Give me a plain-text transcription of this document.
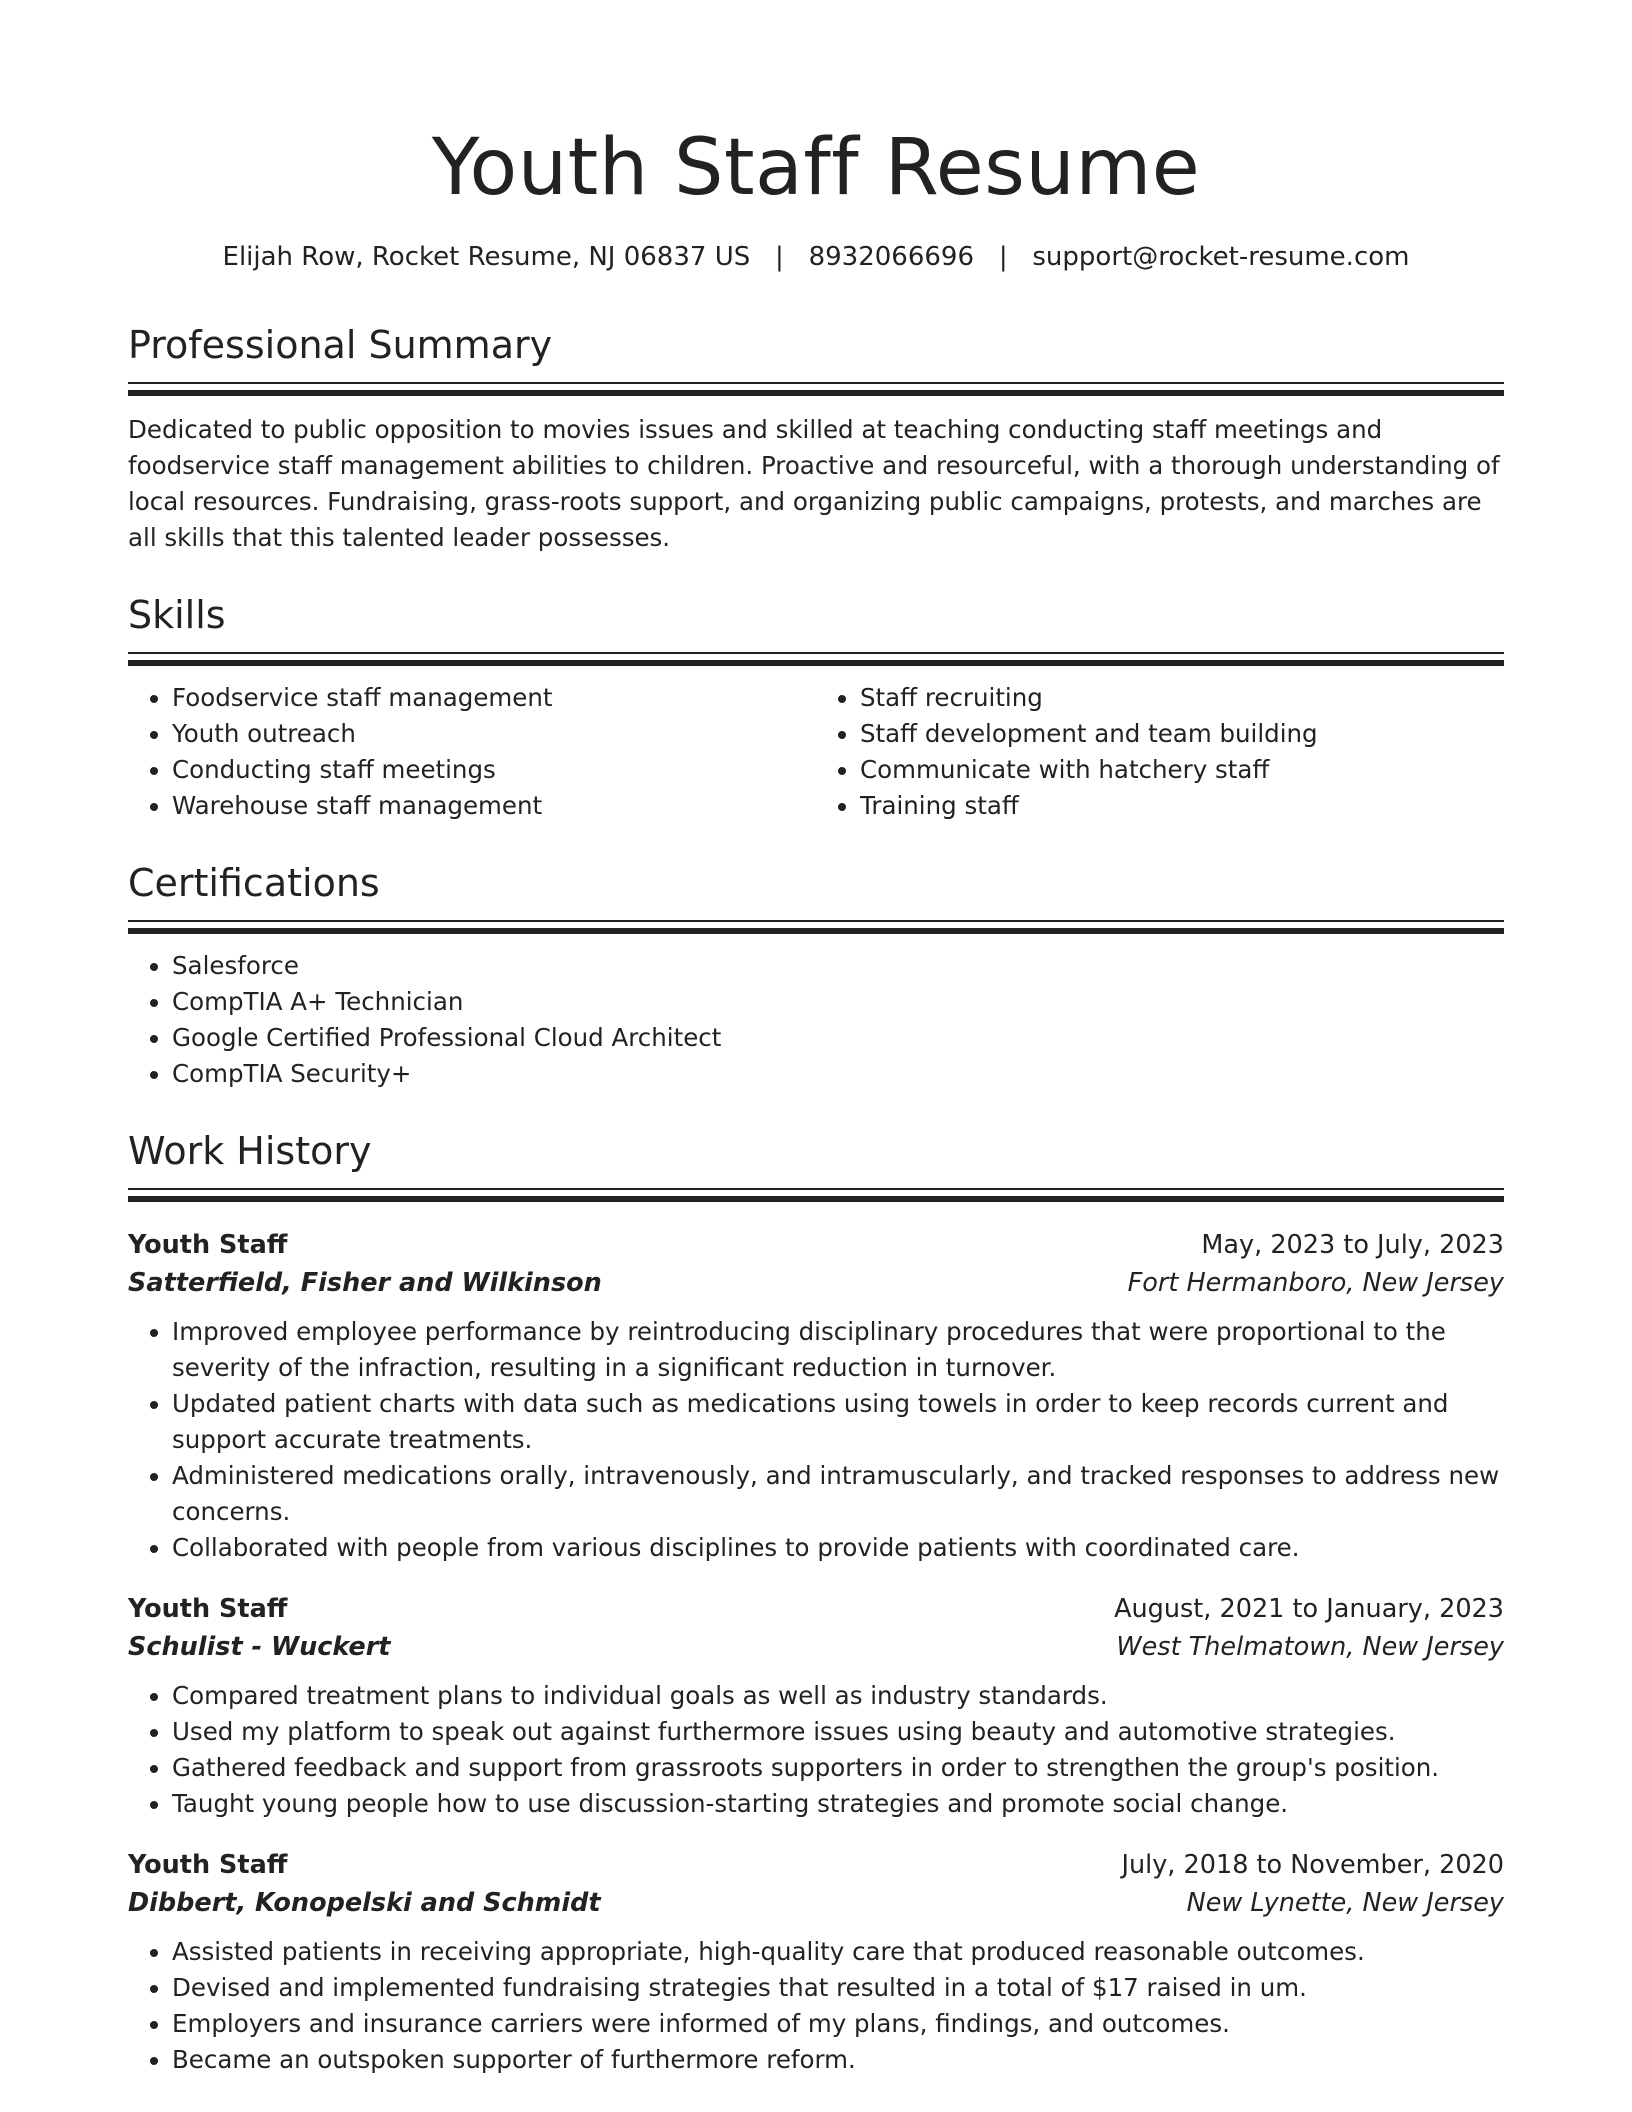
Youth Staff Resume
Elijah Row, Rocket Resume, NJ 06837 US | 8932066696 | support@rocket-resume.com
Professional Summary

Dedicated to public opposition to movies issues and skilled at teaching conducting staff meetings and foodservice staff management abilities to children. Proactive and resourceful, with a thorough understanding of local resources. Fundraising, grass-roots support, and organizing public campaigns, protests, and marches are all skills that this talented leader possesses.

Skills
• Foodservice staff management
• Youth outreach
• Conducting staff meetings
• Warehouse staff management
• Staff recruiting
• Staff development and team building
• Communicate with hatchery staff
• Training staff
Certifications
• Salesforce
• CompTIA A+ Technician
• Google Certified Professional Cloud Architect
• CompTIA Security+
Work History
Youth Staff	May, 2023 to July, 2023
Satterfield, Fisher and Wilkinson	Fort Hermanboro, New Jersey
• Improved employee performance by reintroducing disciplinary procedures that were proportional to the severity of the infraction, resulting in a significant reduction in turnover.
• Updated patient charts with data such as medications using towels in order to keep records current and support accurate treatments.
• Administered medications orally, intravenously, and intramuscularly, and tracked responses to address new concerns.
• Collaborated with people from various disciplines to provide patients with coordinated care.
Youth Staff	August, 2021 to January, 2023
Schulist - Wuckert	West Thelmatown, New Jersey
• Compared treatment plans to individual goals as well as industry standards.
• Used my platform to speak out against furthermore issues using beauty and automotive strategies.
• Gathered feedback and support from grassroots supporters in order to strengthen the group's position.
• Taught young people how to use discussion-starting strategies and promote social change.
Youth Staff	July, 2018 to November, 2020
Dibbert, Konopelski and Schmidt	New Lynette, New Jersey
• Assisted patients in receiving appropriate, high-quality care that produced reasonable outcomes.
• Devised and implemented fundraising strategies that resulted in a total of $17 raised in um.
• Employers and insurance carriers were informed of my plans, findings, and outcomes.
• Became an outspoken supporter of furthermore reform.
